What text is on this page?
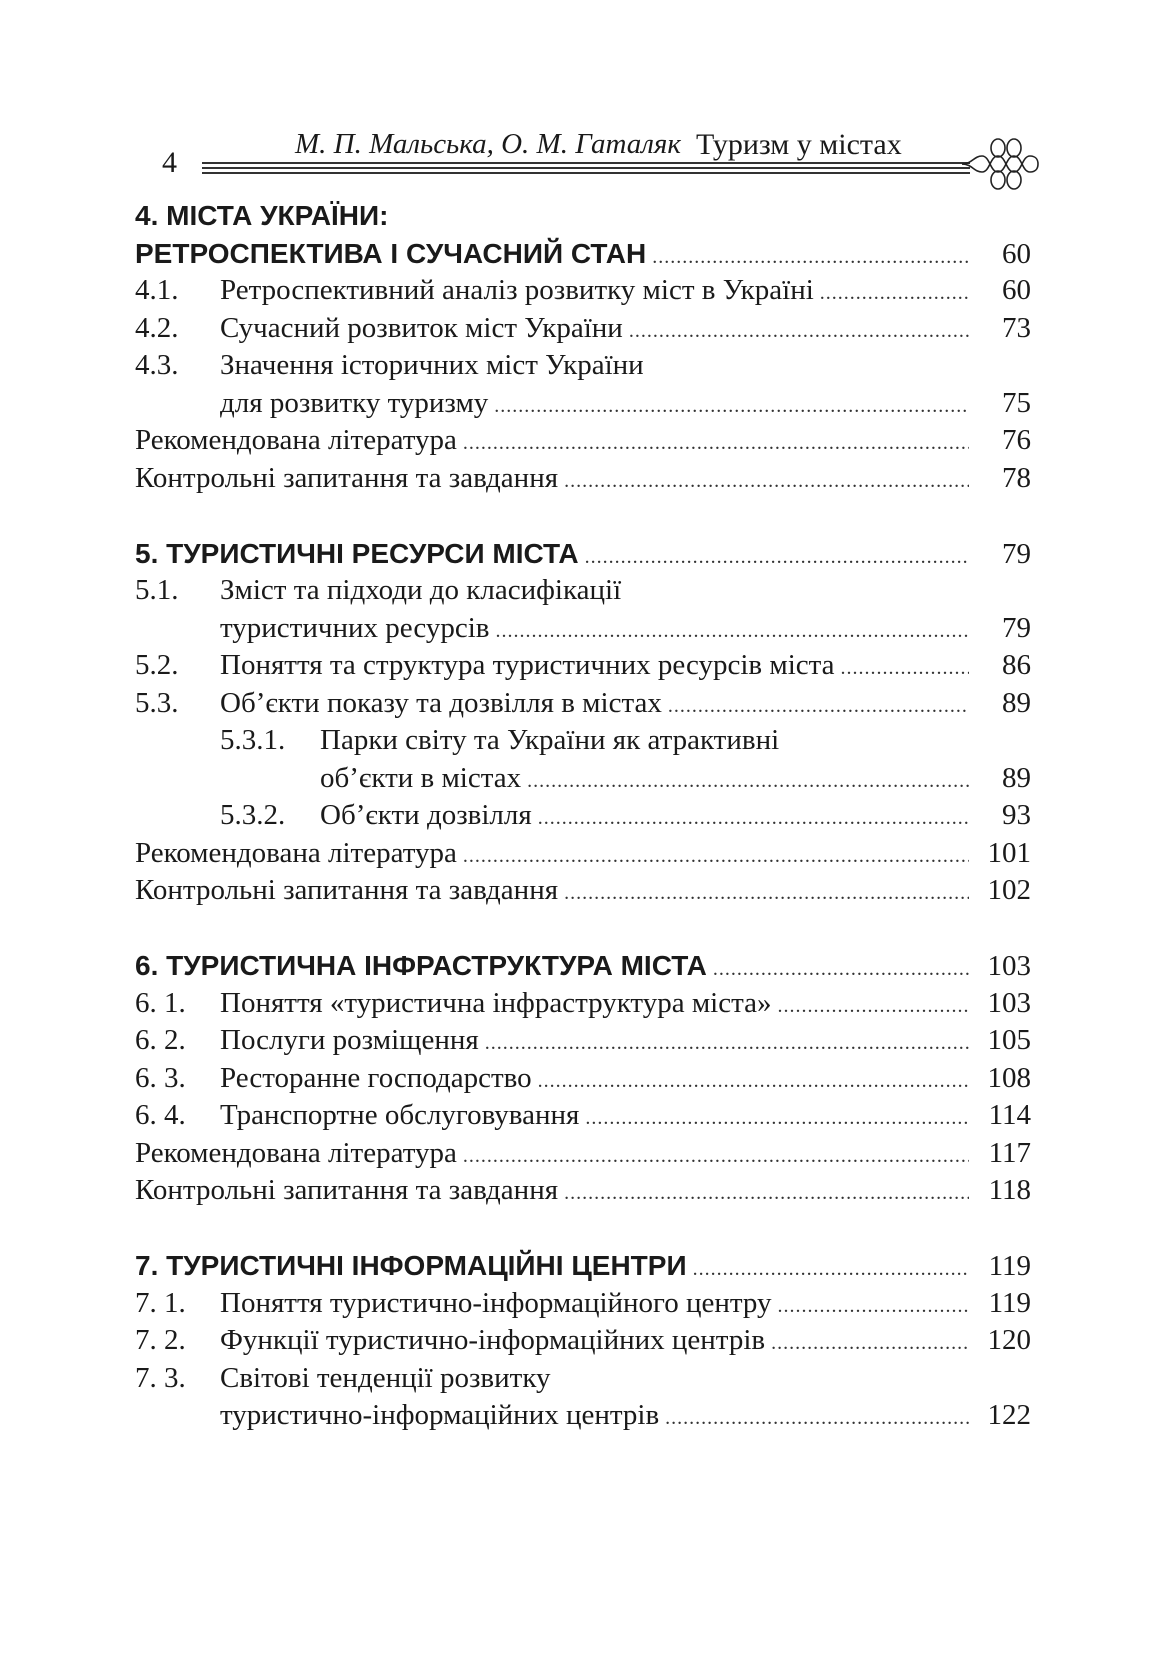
4
М. П. Мальська, О. М. Гаталяк Туризм у містах
4. МІСТА УКРАЇНИ:
РЕТРОСПЕКТИВА І СУЧАСНИЙ СТАН .....	60
4.1.	Ретроспективний аналіз розвитку міст в Україні .....	60
4.2.	Сучасний розвиток міст України .....	73
4.3.	Значення історичних міст України
для розвитку туризму .....	75
Рекомендована література .....	76
Контрольні запитання та завдання .....	78
5. ТУРИСТИЧНІ РЕСУРСИ МІСТА .....	79
5.1.	Зміст та підходи до класифікації
туристичних ресурсів .....	79
5.2.	Поняття та структура туристичних ресурсів міста .....	86
5.3.	Об’єкти показу та дозвілля в містах .....	89
5.3.1.	Парки світу та України як атрактивні
об’єкти в містах .....	89
5.3.2.	Об’єкти дозвілля .....	93
Рекомендована література .....	101
Контрольні запитання та завдання .....	102
6. ТУРИСТИЧНА ІНФРАСТРУКТУРА МІСТА .....	103
6. 1.	Поняття «туристична інфраструктура міста» .....	103
6. 2.	Послуги розміщення .....	105
6. 3.	Ресторанне господарство .....	108
6. 4.	Транспортне обслуговування .....	114
Рекомендована література .....	117
Контрольні запитання та завдання .....	118
7. ТУРИСТИЧНІ ІНФОРМАЦІЙНІ ЦЕНТРИ .....	119
7. 1.	Поняття туристично-інформаційного центру .....	119
7. 2.	Функції туристично-інформаційних центрів .....	120
7. 3.	Світові тенденції розвитку
туристично-інформаційних центрів .....	122
